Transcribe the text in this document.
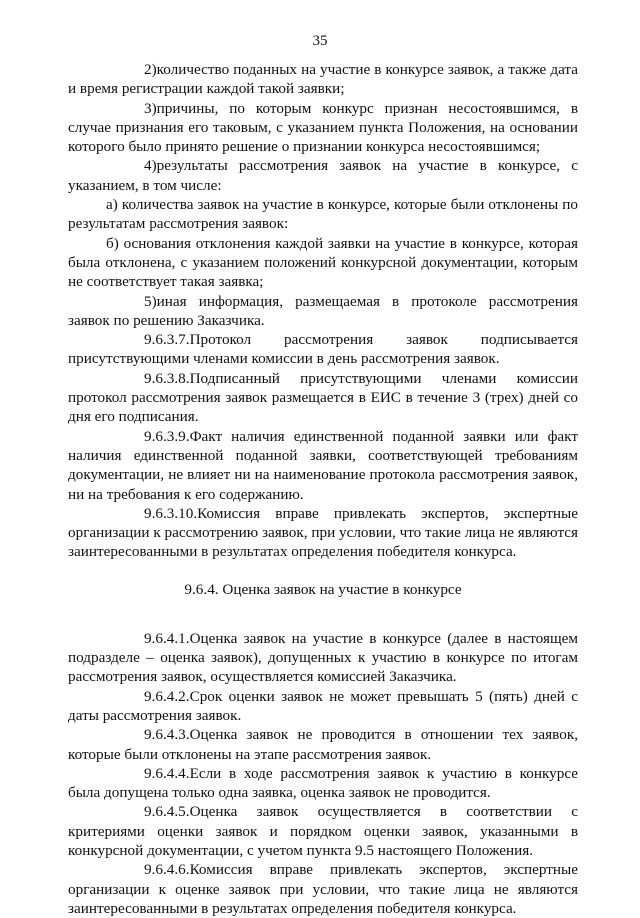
35

2)количество поданных на участие в конкурсе заявок, а также дата и время регистрации каждой такой заявки;

3)причины, по которым конкурс признан несостоявшимся, в случае признания его таковым, с указанием пункта Положения, на основании которого было принято решение о признании конкурса несостоявшимся;

4)результаты рассмотрения заявок на участие в конкурсе, с указанием, в том числе:

а) количества заявок на участие в конкурсе, которые были отклонены по результатам рассмотрения заявок:

б) основания отклонения каждой заявки на участие в конкурсе, которая была отклонена, с указанием положений конкурсной документации, которым не соответствует такая заявка;

5)иная информация, размещаемая в протоколе рассмотрения заявок по решению Заказчика.

9.6.3.7.Протокол рассмотрения заявок подписывается присутствующими членами комиссии в день рассмотрения заявок.

9.6.3.8.Подписанный присутствующими членами комиссии протокол рассмотрения заявок размещается в ЕИС в течение 3 (трех) дней со дня его подписания.

9.6.3.9.Факт наличия единственной поданной заявки или факт наличия единственной поданной заявки, соответствующей требованиям документации, не влияет ни на наименование протокола рассмотрения заявок, ни на требования к его содержанию.

9.6.3.10.Комиссия вправе привлекать экспертов, экспертные организации к рассмотрению заявок, при условии, что такие лица не являются заинтересованными в результатах определения победителя конкурса.

9.6.4. Оценка заявок на участие в конкурсе

9.6.4.1.Оценка заявок на участие в конкурсе (далее в настоящем подразделе – оценка заявок), допущенных к участию в конкурсе по итогам рассмотрения заявок, осуществляется комиссией Заказчика.

9.6.4.2.Срок оценки заявок не может превышать 5 (пять) дней с даты рассмотрения заявок.

9.6.4.3.Оценка заявок не проводится в отношении тех заявок, которые были отклонены на этапе рассмотрения заявок.

9.6.4.4.Если в ходе рассмотрения заявок к участию в конкурсе была допущена только одна заявка, оценка заявок не проводится.

9.6.4.5.Оценка заявок осуществляется в соответствии с критериями оценки заявок и порядком оценки заявок, указанными в конкурсной документации, с учетом пункта 9.5 настоящего Положения.

9.6.4.6.Комиссия вправе привлекать экспертов, экспертные организации к оценке заявок при условии, что такие лица не являются заинтересованными в результатах определения победителя конкурса.
